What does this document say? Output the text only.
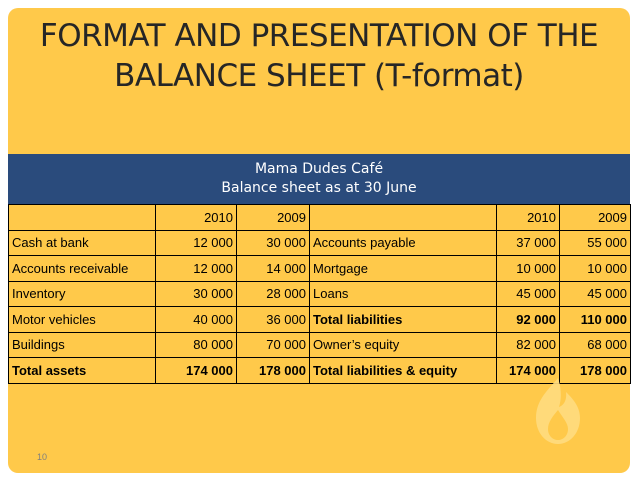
FORMAT AND PRESENTATION OF THE
BALANCE SHEET (T-format)
Mama Dudes Café
Balance sheet as at 30 June
	2010	2009		2010	2009
Cash at bank	12 000	30 000	Accounts payable	37 000	55 000
Accounts receivable	12 000	14 000	Mortgage	10 000	10 000
Inventory	30 000	28 000	Loans	45 000	45 000
Motor vehicles	40 000	36 000	Total liabilities	92 000	110 000
Buildings	80 000	70 000	Owner’s equity	82 000	68 000
Total assets	174 000	178 000	Total liabilities & equity	174 000	178 000
10
